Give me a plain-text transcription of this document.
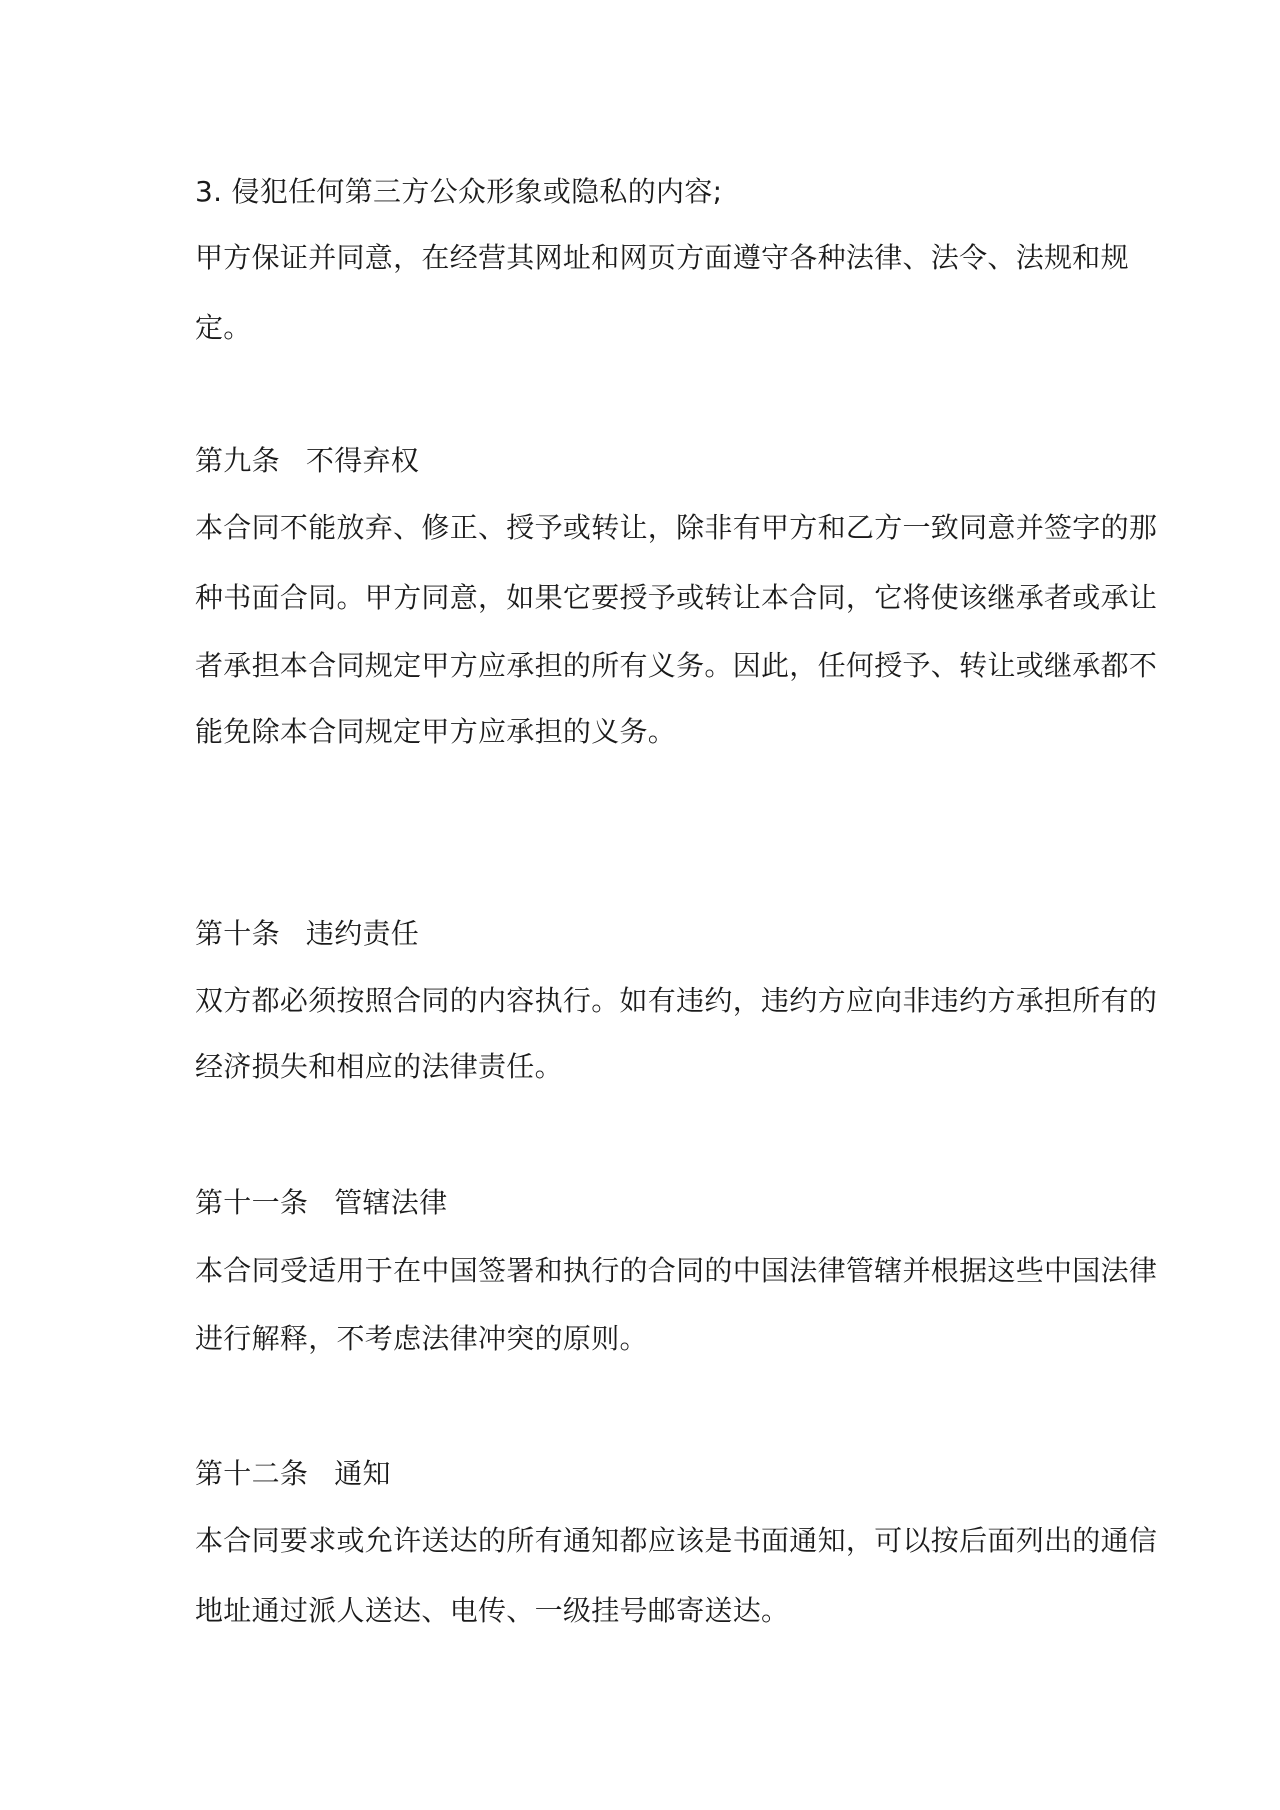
3. 侵犯任何第三方公众形象或隐私的内容;
甲方保证并同意，在经营其网址和网页方面遵守各种法律、法令、法规和规
定。
第九条 不得弃权
本合同不能放弃、修正、授予或转让，除非有甲方和乙方一致同意并签字的那
种书面合同。甲方同意，如果它要授予或转让本合同，它将使该继承者或承让
者承担本合同规定甲方应承担的所有义务。因此，任何授予、转让或继承都不
能免除本合同规定甲方应承担的义务。
第十条 违约责任
双方都必须按照合同的内容执行。如有违约，违约方应向非违约方承担所有的
经济损失和相应的法律责任。
第十一条 管辖法律
本合同受适用于在中国签署和执行的合同的中国法律管辖并根据这些中国法律
进行解释，不考虑法律冲突的原则。
第十二条 通知
本合同要求或允许送达的所有通知都应该是书面通知，可以按后面列出的通信
地址通过派人送达、电传、一级挂号邮寄送达。
